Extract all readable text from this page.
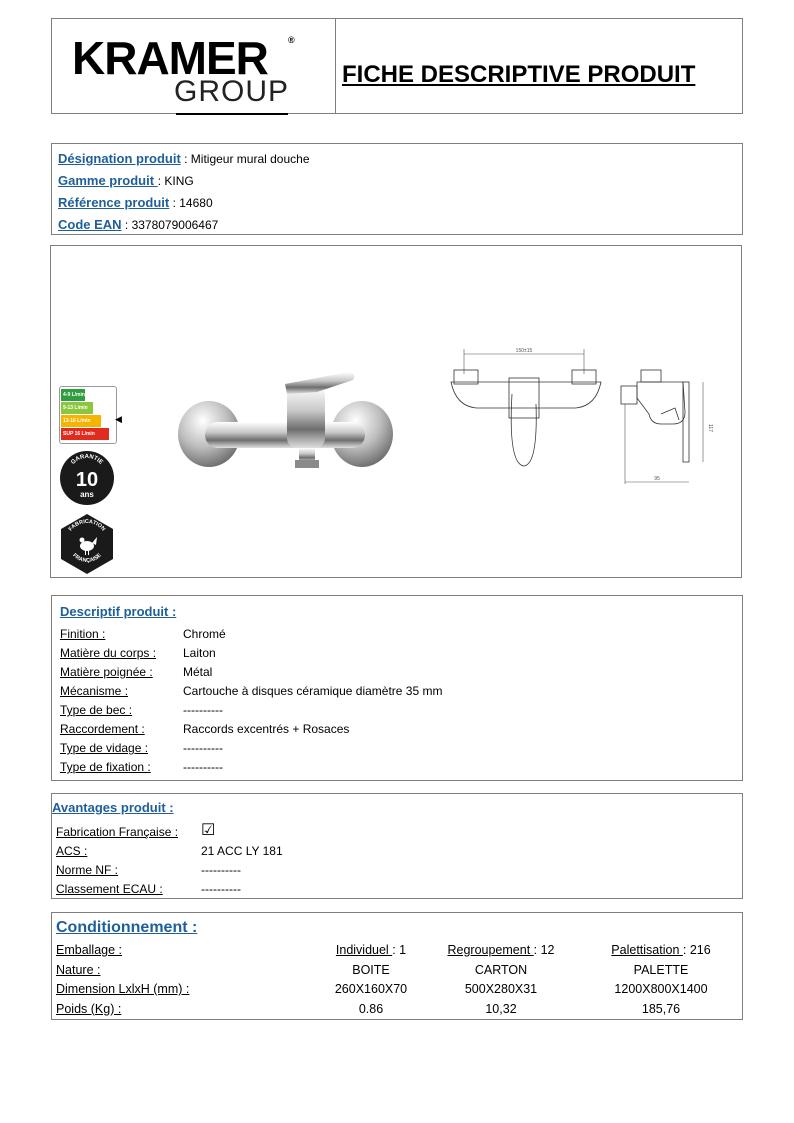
KRAMER ®
GROUP
FICHE DESCRIPTIVE PRODUIT
Désignation produit : Mitigeur mural douche
Gamme produit : KING
Référence produit : 14680
Code EAN : 3378079006467
4-9 L/min
9-13 L/min
13-16 L/min
SUP 16 L/min
◀
GARANTIE
10
ans
FABRICATION
FRANÇAISE
150±15
117
95
Descriptif produit :
Finition :	Chromé
Matière du corps : Laiton
Matière poignée :	Métal
Mécanisme :	Cartouche à disques céramique diamètre 35 mm
Type de bec :	----------
Raccordement :	Raccords excentrés + Rosaces
Type de vidage :	----------
Type de fixation :	----------
Avantages produit :
Fabrication Française : ☑
ACS :	21 ACC LY 181
Norme NF :	----------
Classement ECAU :	----------
Conditionnement :
Emballage :	Individuel : 1	Regroupement : 12	Palettisation : 216
Nature :	BOITE	CARTON	PALETTE
Dimension LxlxH (mm) :	260X160X70	500X280X31	1200X800X1400
Poids (Kg) :	0.86	10,32	185,76
